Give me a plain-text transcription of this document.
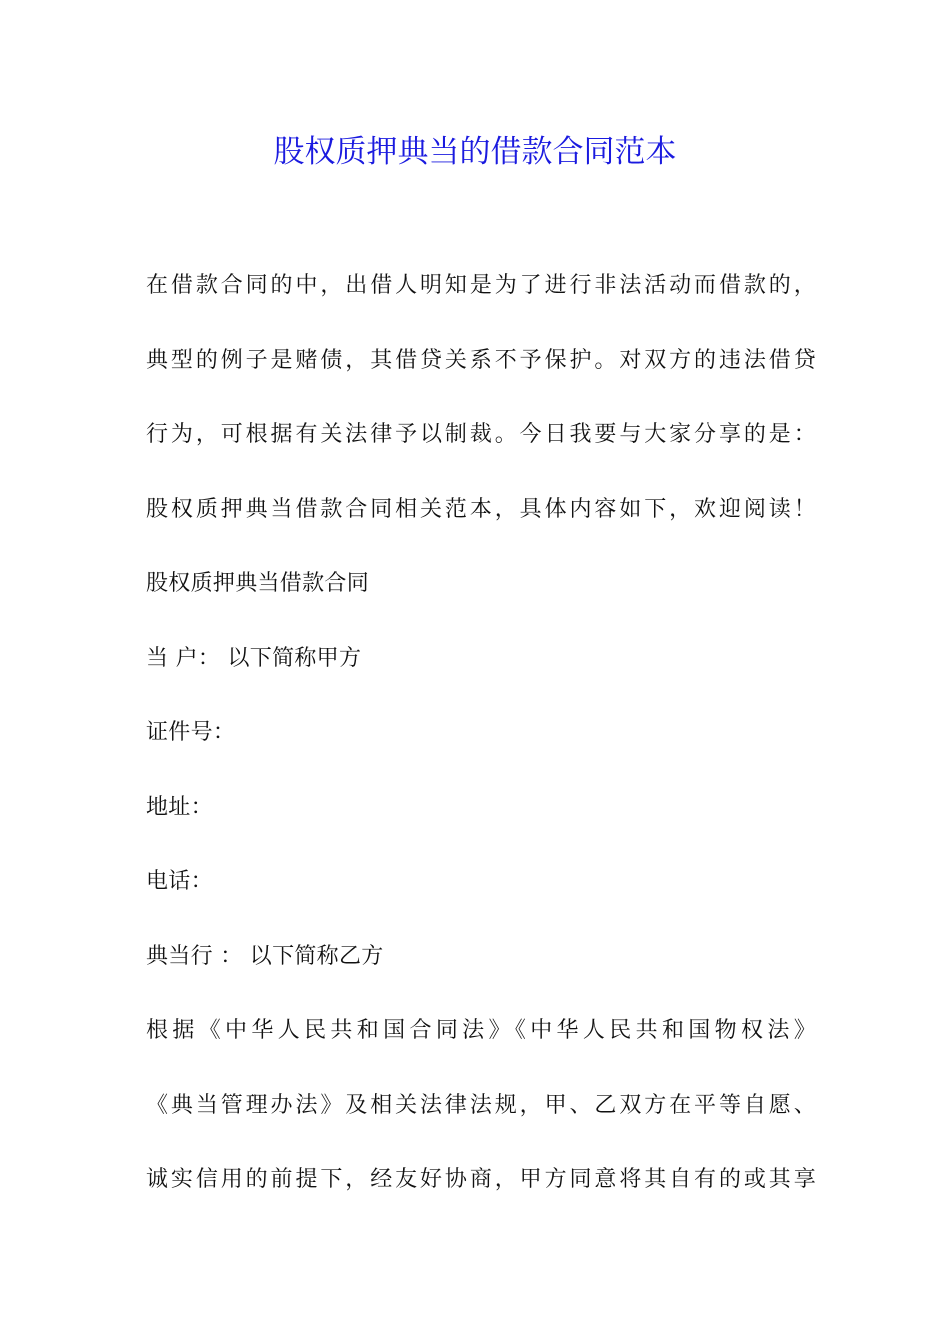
股权质押典当的借款合同范本
在借款合同的中，出借人明知是为了进行非法活动而借款的，
典型的例子是赌债，其借贷关系不予保护。对双方的违法借贷
行为，可根据有关法律予以制裁。今日我要与大家分享的是：
股权质押典当借款合同相关范本，具体内容如下，欢迎阅读！
股权质押典当借款合同
当 户： 以下简称甲方
证件号：
地址：
电话：
典当行 ： 以下简称乙方
根据《中华人民共和国合同法》《中华人民共和国物权法》
《典当管理办法》及相关法律法规，甲、乙双方在平等自愿、
诚实信用的前提下，经友好协商，甲方同意将其自有的或其享
